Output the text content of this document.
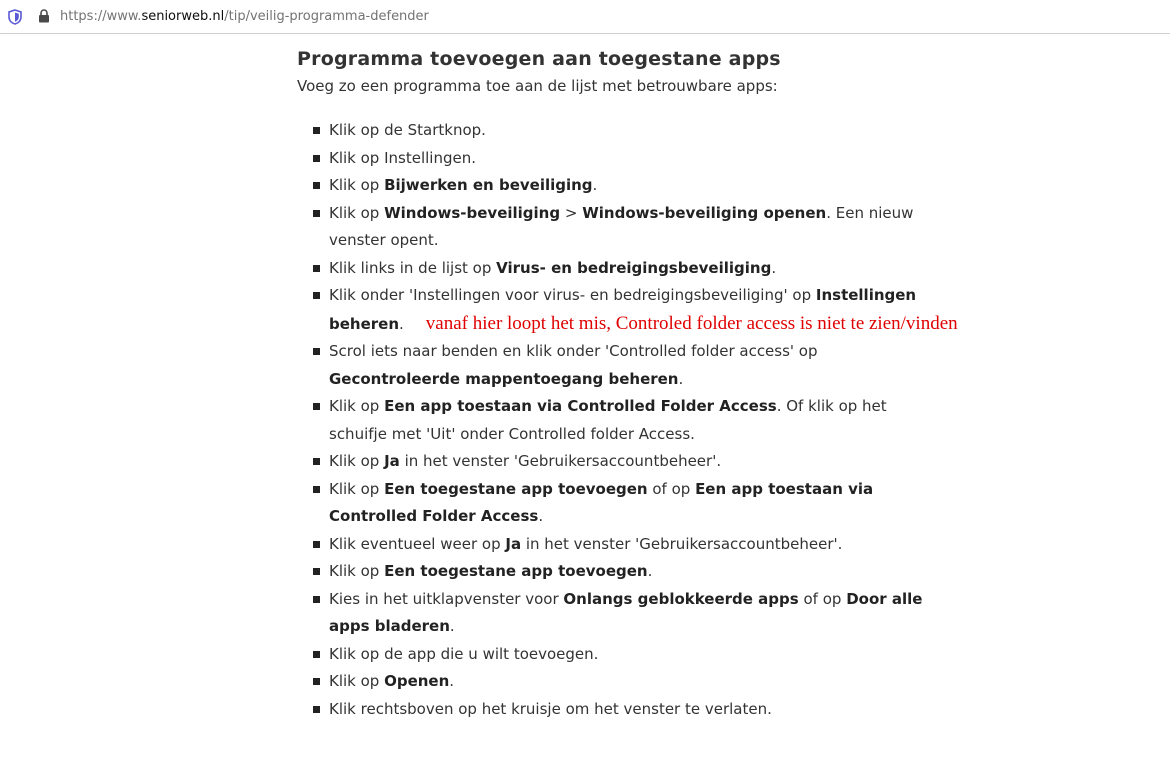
https://www.seniorweb.nl/tip/veilig-programma-defender
Programma toevoegen aan toegestane apps

Voeg zo een programma toe aan de lijst met betrouwbare apps:

Klik op de Startknop.
Klik op Instellingen.
Klik op Bijwerken en beveiliging.
Klik op Windows-beveiliging > Windows-beveiliging openen. Een nieuw venster opent.
Klik links in de lijst op Virus- en bedreigingsbeveiliging.
Klik onder 'Instellingen voor virus- en bedreigingsbeveiliging' op Instellingen beheren. vanaf hier loopt het mis, Controled folder access is niet te zien/vinden
Scrol iets naar benden en klik onder 'Controlled folder access' op Gecontroleerde mappentoegang beheren.
Klik op Een app toestaan via Controlled Folder Access. Of klik op het schuifje met 'Uit' onder Controlled folder Access.
Klik op Ja in het venster 'Gebruikersaccountbeheer'.
Klik op Een toegestane app toevoegen of op Een app toestaan via Controlled Folder Access.
Klik eventueel weer op Ja in het venster 'Gebruikersaccountbeheer'.
Klik op Een toegestane app toevoegen.
Kies in het uitklapvenster voor Onlangs geblokkeerde apps of op Door alle apps bladeren.
Klik op de app die u wilt toevoegen.
Klik op Openen.
Klik rechtsboven op het kruisje om het venster te verlaten.
